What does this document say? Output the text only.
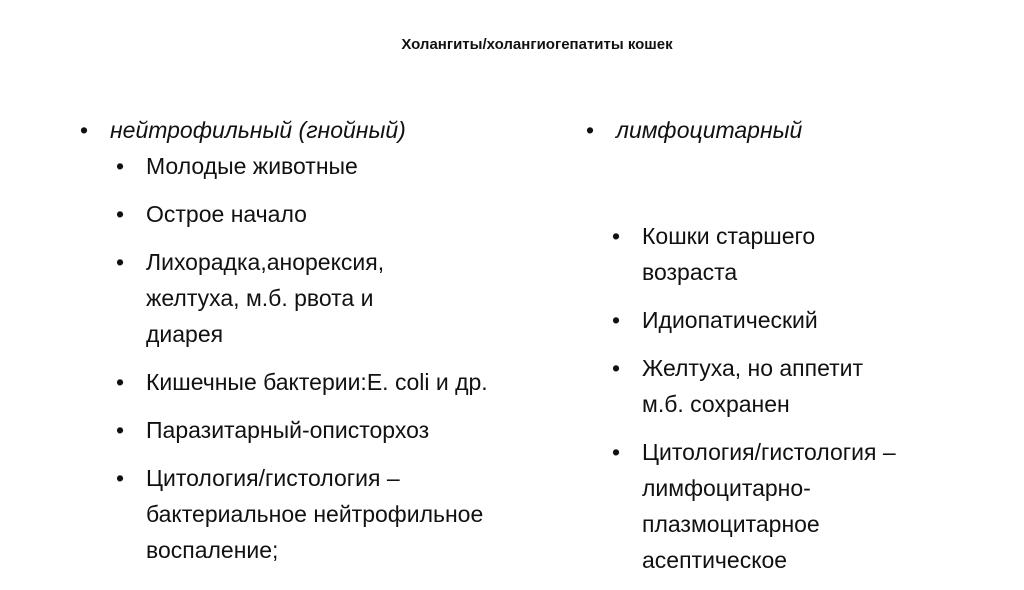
Холангиты/холангиогепатиты кошек
• нейтрофильный (гнойный)
• Молодые животные
• Острое начало
• Лихорадка,анорексия, желтуха, м.б. рвота и диарея
• Кишечные бактерии:E. coli и др.
• Паразитарный-описторхоз
• Цитология/гистология – бактериальное нейтрофильное воспаление;
• лимфоцитарный
• Кошки старшего возраста
• Идиопатический
• Желтуха, но аппетит м.б. сохранен
• Цитология/гистология – лимфоцитарно-плазмоцитарное асептическое
